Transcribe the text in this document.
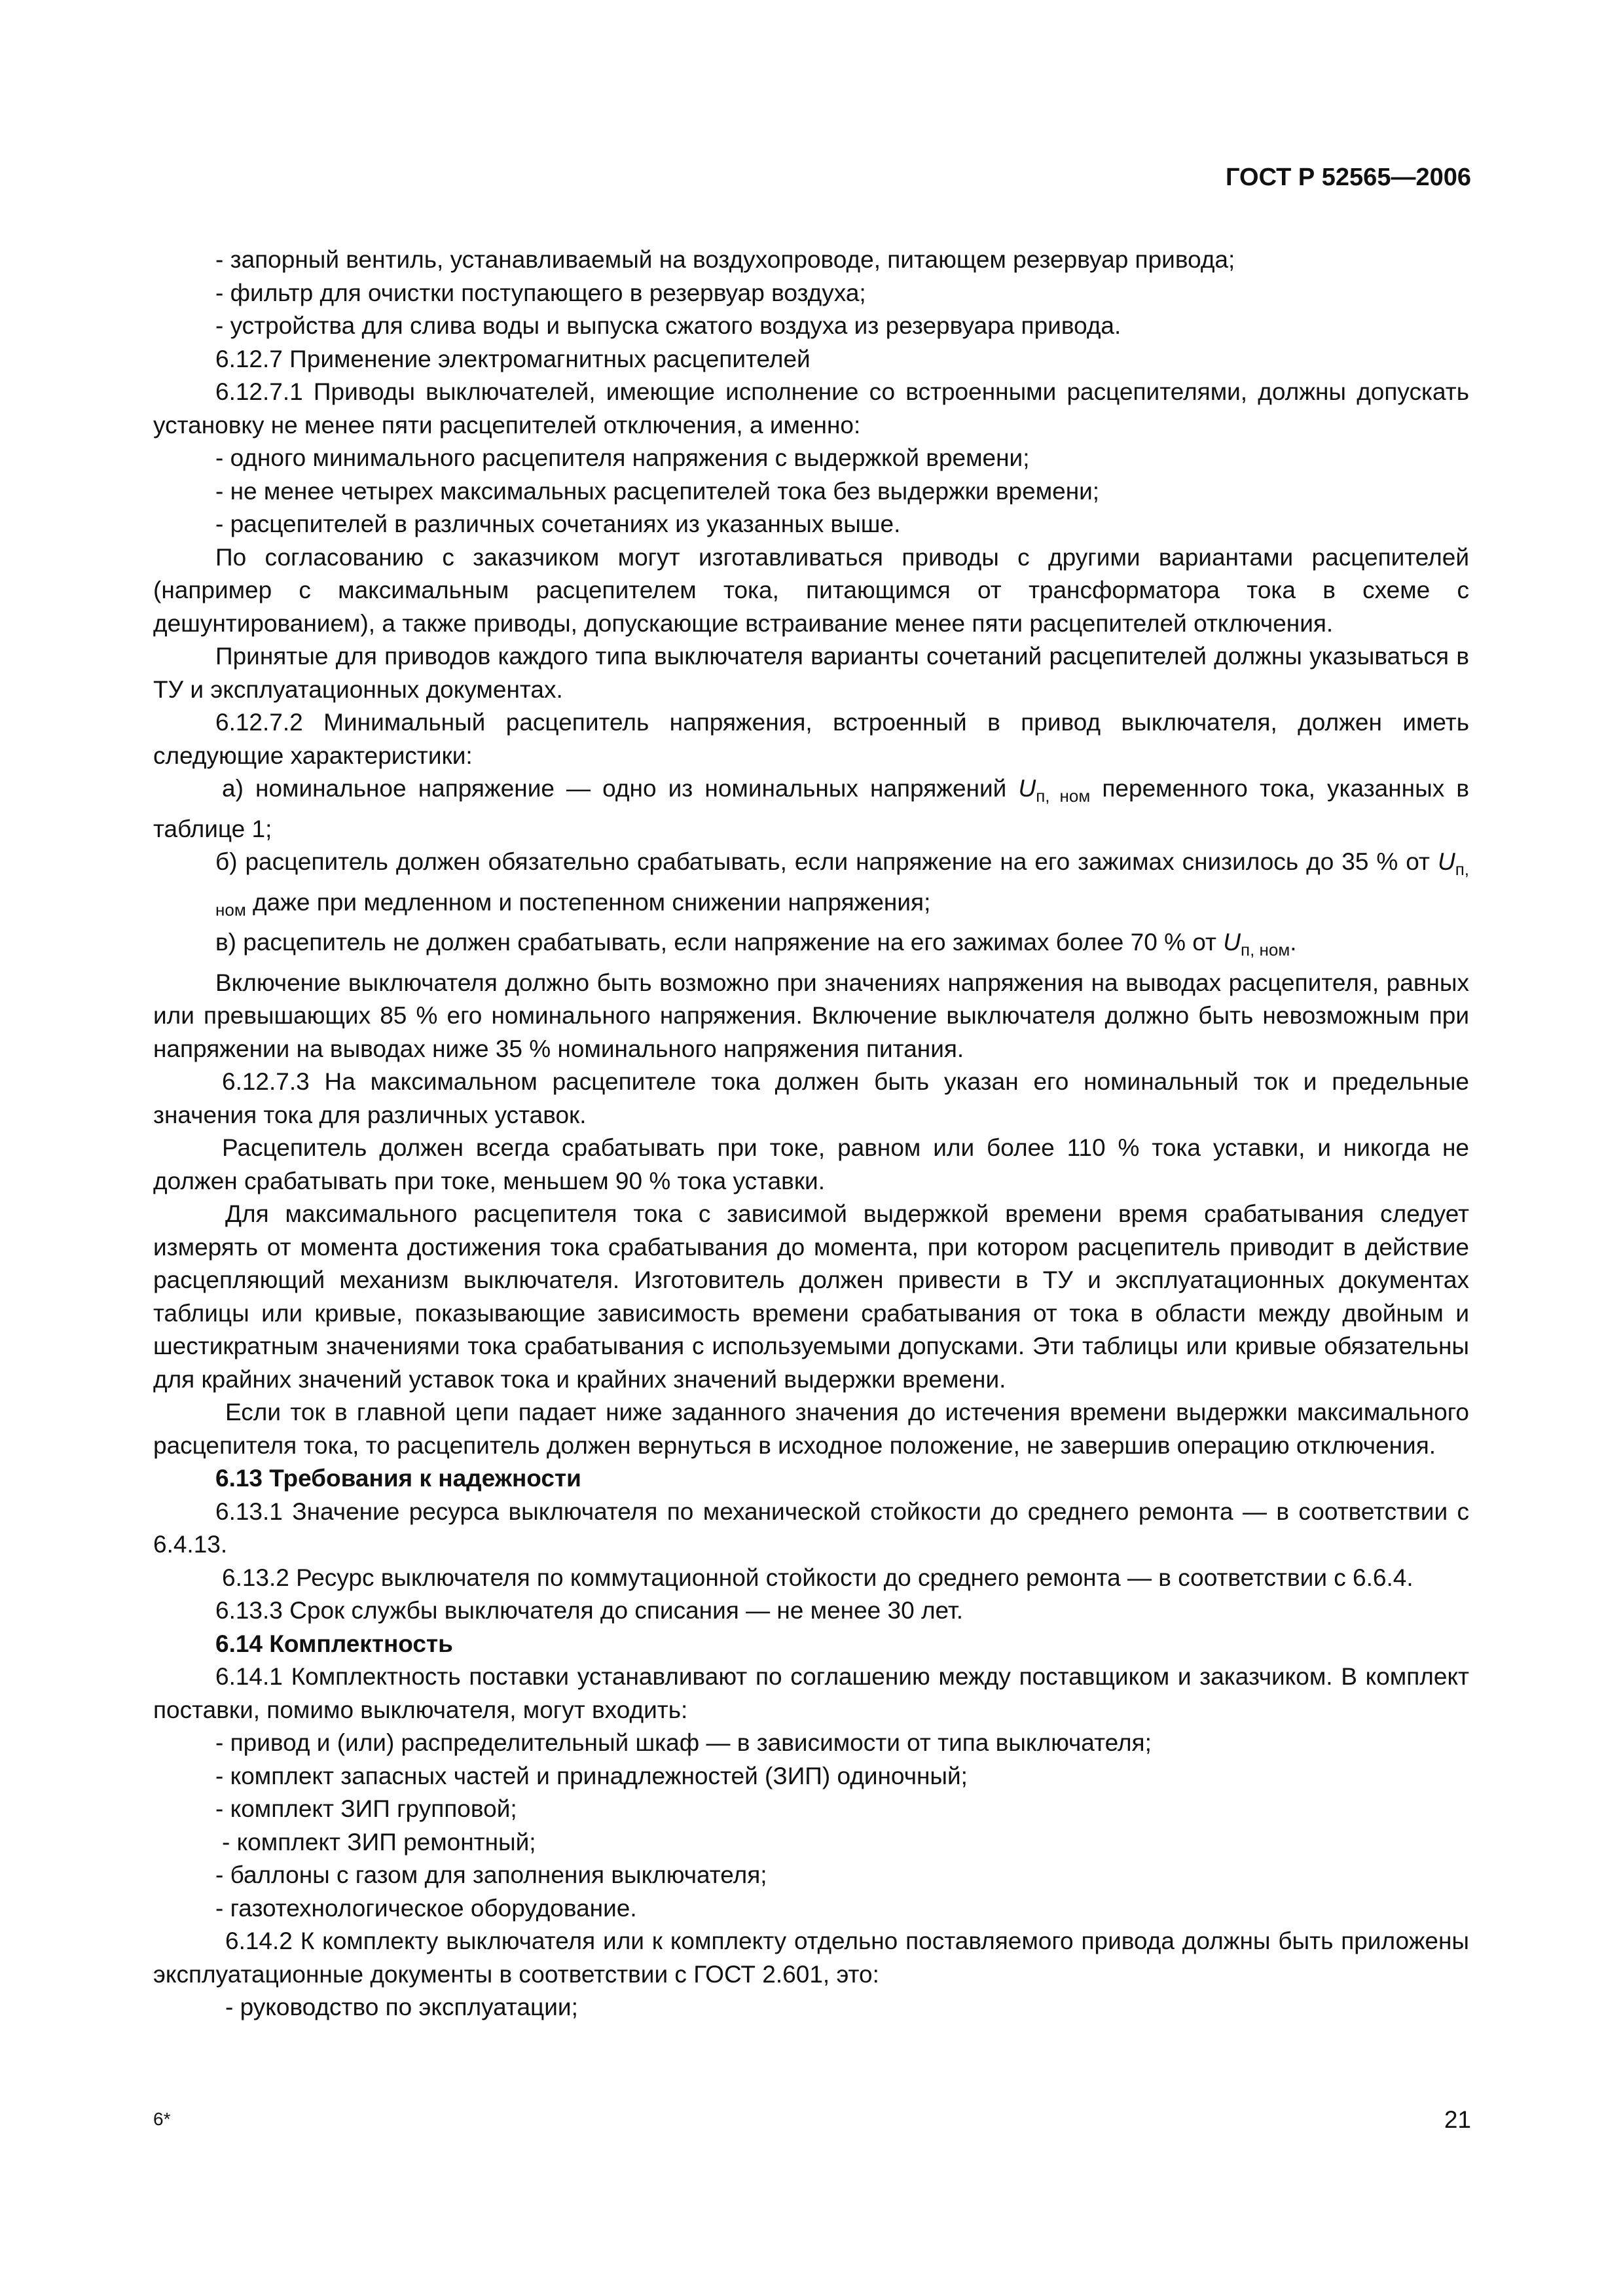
ГОСТ Р 52565—2006

- запорный вентиль, устанавливаемый на воздухопроводе, питающем резервуар привода;

- фильтр для очистки поступающего в резервуар воздуха;

- устройства для слива воды и выпуска сжатого воздуха из резервуара привода.

6.12.7 Применение электромагнитных расцепителей

6.12.7.1 Приводы выключателей, имеющие исполнение со встроенными расцепителями, должны допускать установку не менее пяти расцепителей отключения, а именно:

- одного минимального расцепителя напряжения с выдержкой времени;

- не менее четырех максимальных расцепителей тока без выдержки времени;

- расцепителей в различных сочетаниях из указанных выше.

По согласованию с заказчиком могут изготавливаться приводы с другими вариантами расцепителей (например с максимальным расцепителем тока, питающимся от трансформатора тока в схеме с дешунтированием), а также приводы, допускающие встраивание менее пяти расцепителей отключения.

Принятые для приводов каждого типа выключателя варианты сочетаний расцепителей должны указываться в ТУ и эксплуатационных документах.

6.12.7.2 Минимальный расцепитель напряжения, встроенный в привод выключателя, должен иметь следующие характеристики:

а) номинальное напряжение — одно из номинальных напряжений $U_{п, ном}$ переменного тока, указанных в таблице 1;

б) расцепитель должен обязательно срабатывать, если напряжение на его зажимах снизилось до 35 % от $U_{п, ном}$ даже при медленном и постепенном снижении напряжения;

в) расцепитель не должен срабатывать, если напряжение на его зажимах более 70 % от $U_{п, ном}$.

Включение выключателя должно быть возможно при значениях напряжения на выводах расцепителя, равных или превышающих 85 % его номинального напряжения. Включение выключателя должно быть невозможным при напряжении на выводах ниже 35 % номинального напряжения питания.

6.12.7.3 На максимальном расцепителе тока должен быть указан его номинальный ток и предельные значения тока для различных уставок.

Расцепитель должен всегда срабатывать при токе, равном или более 110 % тока уставки, и никогда не должен срабатывать при токе, меньшем 90 % тока уставки.

Для максимального расцепителя тока с зависимой выдержкой времени время срабатывания следует измерять от момента достижения тока срабатывания до момента, при котором расцепитель приводит в действие расцепляющий механизм выключателя. Изготовитель должен привести в ТУ и эксплуатационных документах таблицы или кривые, показывающие зависимость времени срабатывания от тока в области между двойным и шестикратным значениями тока срабатывания с используемыми допусками. Эти таблицы или кривые обязательны для крайних значений уставок тока и крайних значений выдержки времени.

Если ток в главной цепи падает ниже заданного значения до истечения времени выдержки максимального расцепителя тока, то расцепитель должен вернуться в исходное положение, не завершив операцию отключения.

6.13 Требования к надежности

6.13.1 Значение ресурса выключателя по механической стойкости до среднего ремонта — в соответствии с 6.4.13.

6.13.2 Ресурс выключателя по коммутационной стойкости до среднего ремонта — в соответствии с 6.6.4.

6.13.3 Срок службы выключателя до списания — не менее 30 лет.

6.14 Комплектность

6.14.1 Комплектность поставки устанавливают по соглашению между поставщиком и заказчиком. В комплект поставки, помимо выключателя, могут входить:

- привод и (или) распределительный шкаф — в зависимости от типа выключателя;

- комплект запасных частей и принадлежностей (ЗИП) одиночный;

- комплект ЗИП групповой;

- комплект ЗИП ремонтный;

- баллоны с газом для заполнения выключателя;

- газотехнологическое оборудование.

6.14.2 К комплекту выключателя или к комплекту отдельно поставляемого привода должны быть приложены эксплуатационные документы в соответствии с ГОСТ 2.601, это:

- руководство по эксплуатации;

6*	21
